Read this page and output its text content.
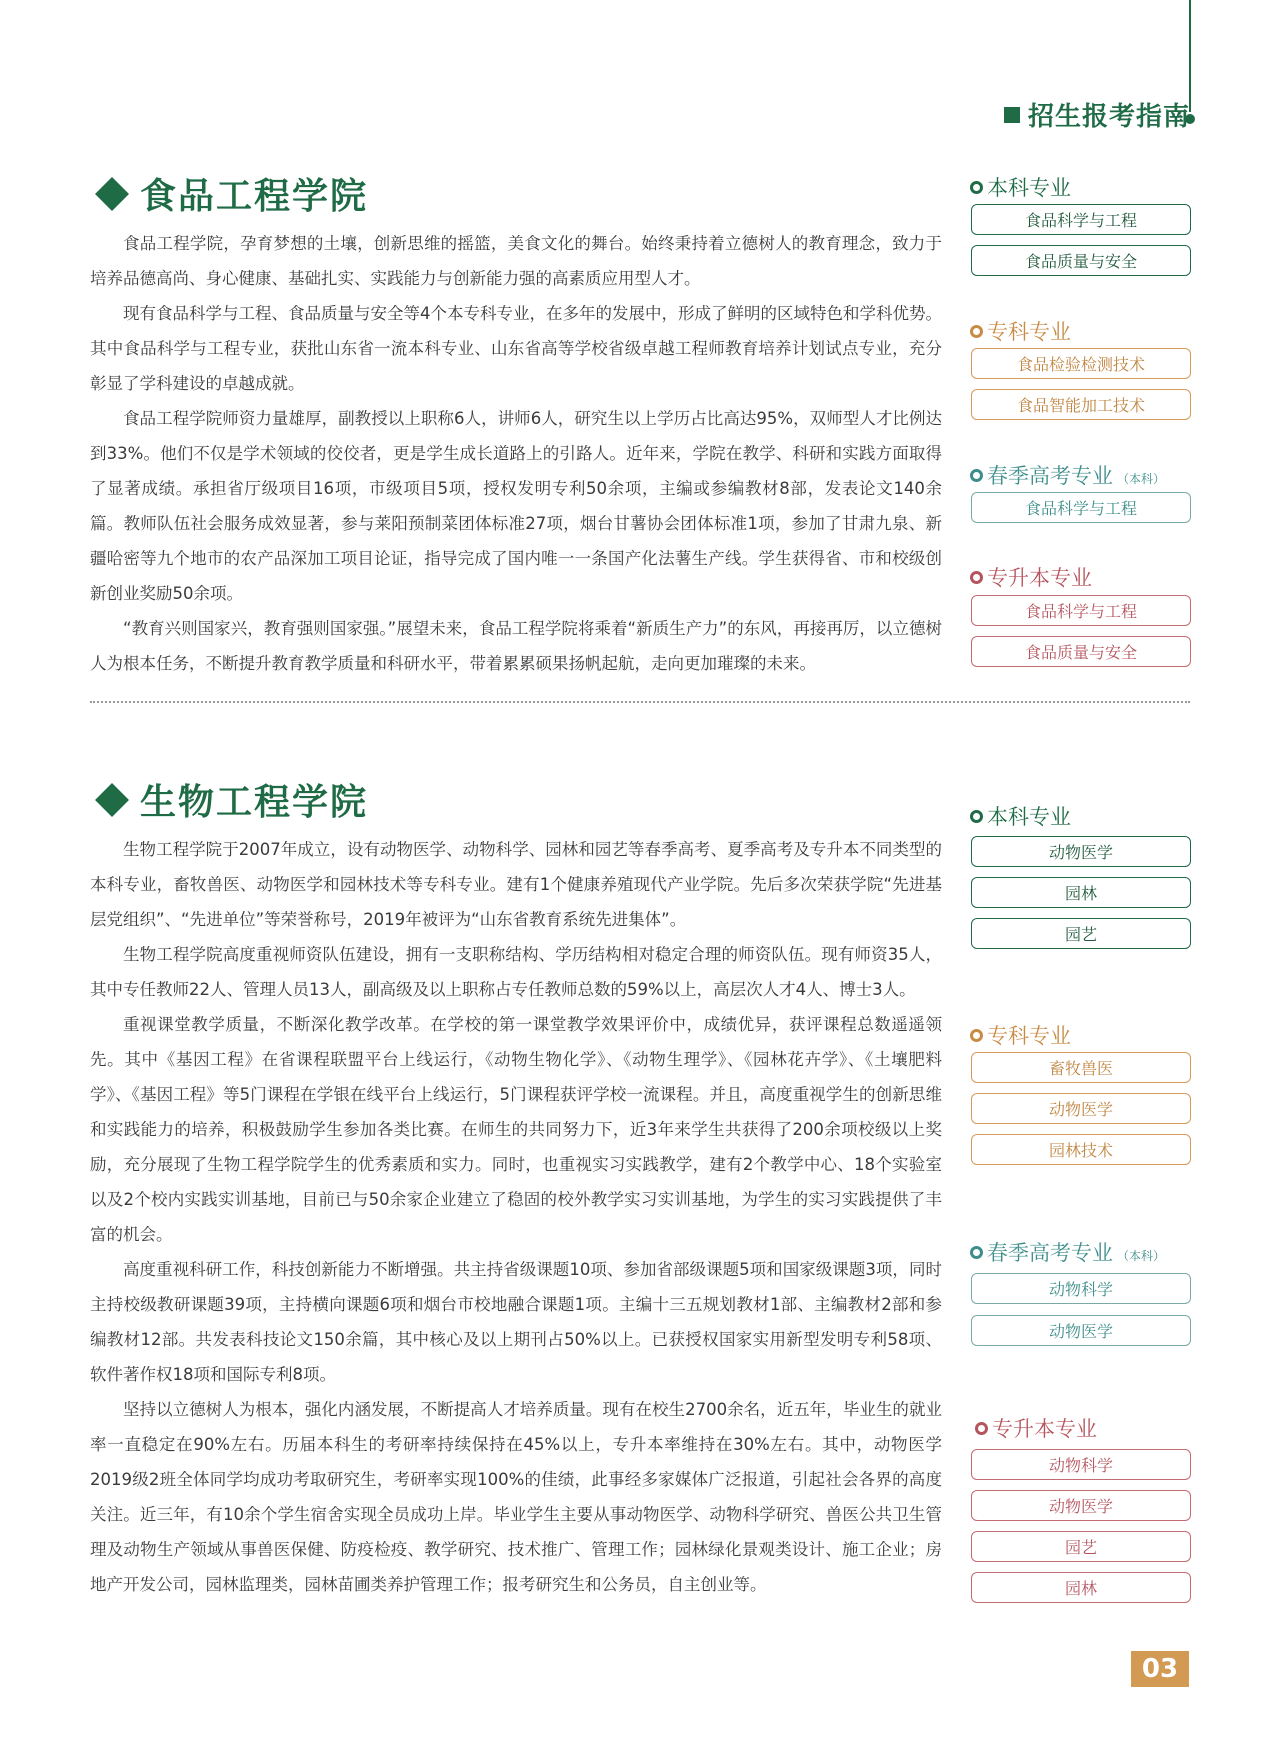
招生报考指南
食品工程学院

食品工程学院，孕育梦想的土壤，创新思维的摇篮，美食文化的舞台。始终秉持着立德树人的教育理念，致力于培养品德高尚、身心健康、基础扎实、实践能力与创新能力强的高素质应用型人才。

现有食品科学与工程、食品质量与安全等4个本专科专业，在多年的发展中，形成了鲜明的区域特色和学科优势。其中食品科学与工程专业，获批山东省一流本科专业、山东省高等学校省级卓越工程师教育培养计划试点专业，充分彰显了学科建设的卓越成就。

食品工程学院师资力量雄厚，副教授以上职称6人，讲师6人，研究生以上学历占比高达95%，双师型人才比例达到33%。他们不仅是学术领域的佼佼者，更是学生成长道路上的引路人。近年来，学院在教学、科研和实践方面取得了显著成绩。承担省厅级项目16项，市级项目5项，授权发明专利50余项，主编或参编教材8部，发表论文140余篇。教师队伍社会服务成效显著，参与莱阳预制菜团体标准27项，烟台甘薯协会团体标准1项，参加了甘肃九泉、新疆哈密等九个地市的农产品深加工项目论证，指导完成了国内唯一一条国产化法薯生产线。学生获得省、市和校级创新创业奖励50余项。

“教育兴则国家兴，教育强则国家强。”展望未来，食品工程学院将乘着“新质生产力”的东风，再接再厉，以立德树人为根本任务，不断提升教育教学质量和科研水平，带着累累硕果扬帆起航，走向更加璀璨的未来。

本科专业
食品科学与工程
食品质量与安全
专科专业
食品检验检测技术
食品智能加工技术
春季高考专业 （本科）
食品科学与工程
专升本专业
食品科学与工程
食品质量与安全
生物工程学院

生物工程学院于2007年成立，设有动物医学、动物科学、园林和园艺等春季高考、夏季高考及专升本不同类型的本科专业，畜牧兽医、动物医学和园林技术等专科专业。建有1个健康养殖现代产业学院。先后多次荣获学院“先进基层党组织”、“先进单位”等荣誉称号，2019年被评为“山东省教育系统先进集体”。

生物工程学院高度重视师资队伍建设，拥有一支职称结构、学历结构相对稳定合理的师资队伍。现有师资35人，其中专任教师22人、管理人员13人，副高级及以上职称占专任教师总数的59%以上，高层次人才4人、博士3人。

重视课堂教学质量，不断深化教学改革。在学校的第一课堂教学效果评价中，成绩优异，获评课程总数遥遥领先。其中《基因工程》在省课程联盟平台上线运行，《动物生物化学》、《动物生理学》、《园林花卉学》、《土壤肥料学》、《基因工程》等5门课程在学银在线平台上线运行，5门课程获评学校一流课程。并且，高度重视学生的创新思维和实践能力的培养，积极鼓励学生参加各类比赛。在师生的共同努力下，近3年来学生共获得了200余项校级以上奖励，充分展现了生物工程学院学生的优秀素质和实力。同时，也重视实习实践教学，建有2个教学中心、18个实验室以及2个校内实践实训基地，目前已与50余家企业建立了稳固的校外教学实习实训基地，为学生的实习实践提供了丰富的机会。

高度重视科研工作，科技创新能力不断增强。共主持省级课题10项、参加省部级课题5项和国家级课题3项，同时主持校级教研课题39项，主持横向课题6项和烟台市校地融合课题1项。主编十三五规划教材1部、主编教材2部和参编教材12部。共发表科技论文150余篇，其中核心及以上期刊占50%以上。已获授权国家实用新型发明专利58项、软件著作权18项和国际专利8项。

坚持以立德树人为根本，强化内涵发展，不断提高人才培养质量。现有在校生2700余名，近五年，毕业生的就业率一直稳定在90%左右。历届本科生的考研率持续保持在45%以上，专升本率维持在30%左右。其中，动物医学2019级2班全体同学均成功考取研究生，考研率实现100%的佳绩，此事经多家媒体广泛报道，引起社会各界的高度关注。近三年，有10余个学生宿舍实现全员成功上岸。毕业学生主要从事动物医学、动物科学研究、兽医公共卫生管理及动物生产领域从事兽医保健、防疫检疫、教学研究、技术推广、管理工作；园林绿化景观类设计、施工企业；房地产开发公司，园林监理类，园林苗圃类养护管理工作；报考研究生和公务员，自主创业等。

本科专业
动物医学
园林
园艺
专科专业
畜牧兽医
动物医学
园林技术
春季高考专业 （本科）
动物科学
动物医学
专升本专业
动物科学
动物医学
园艺
园林
03
